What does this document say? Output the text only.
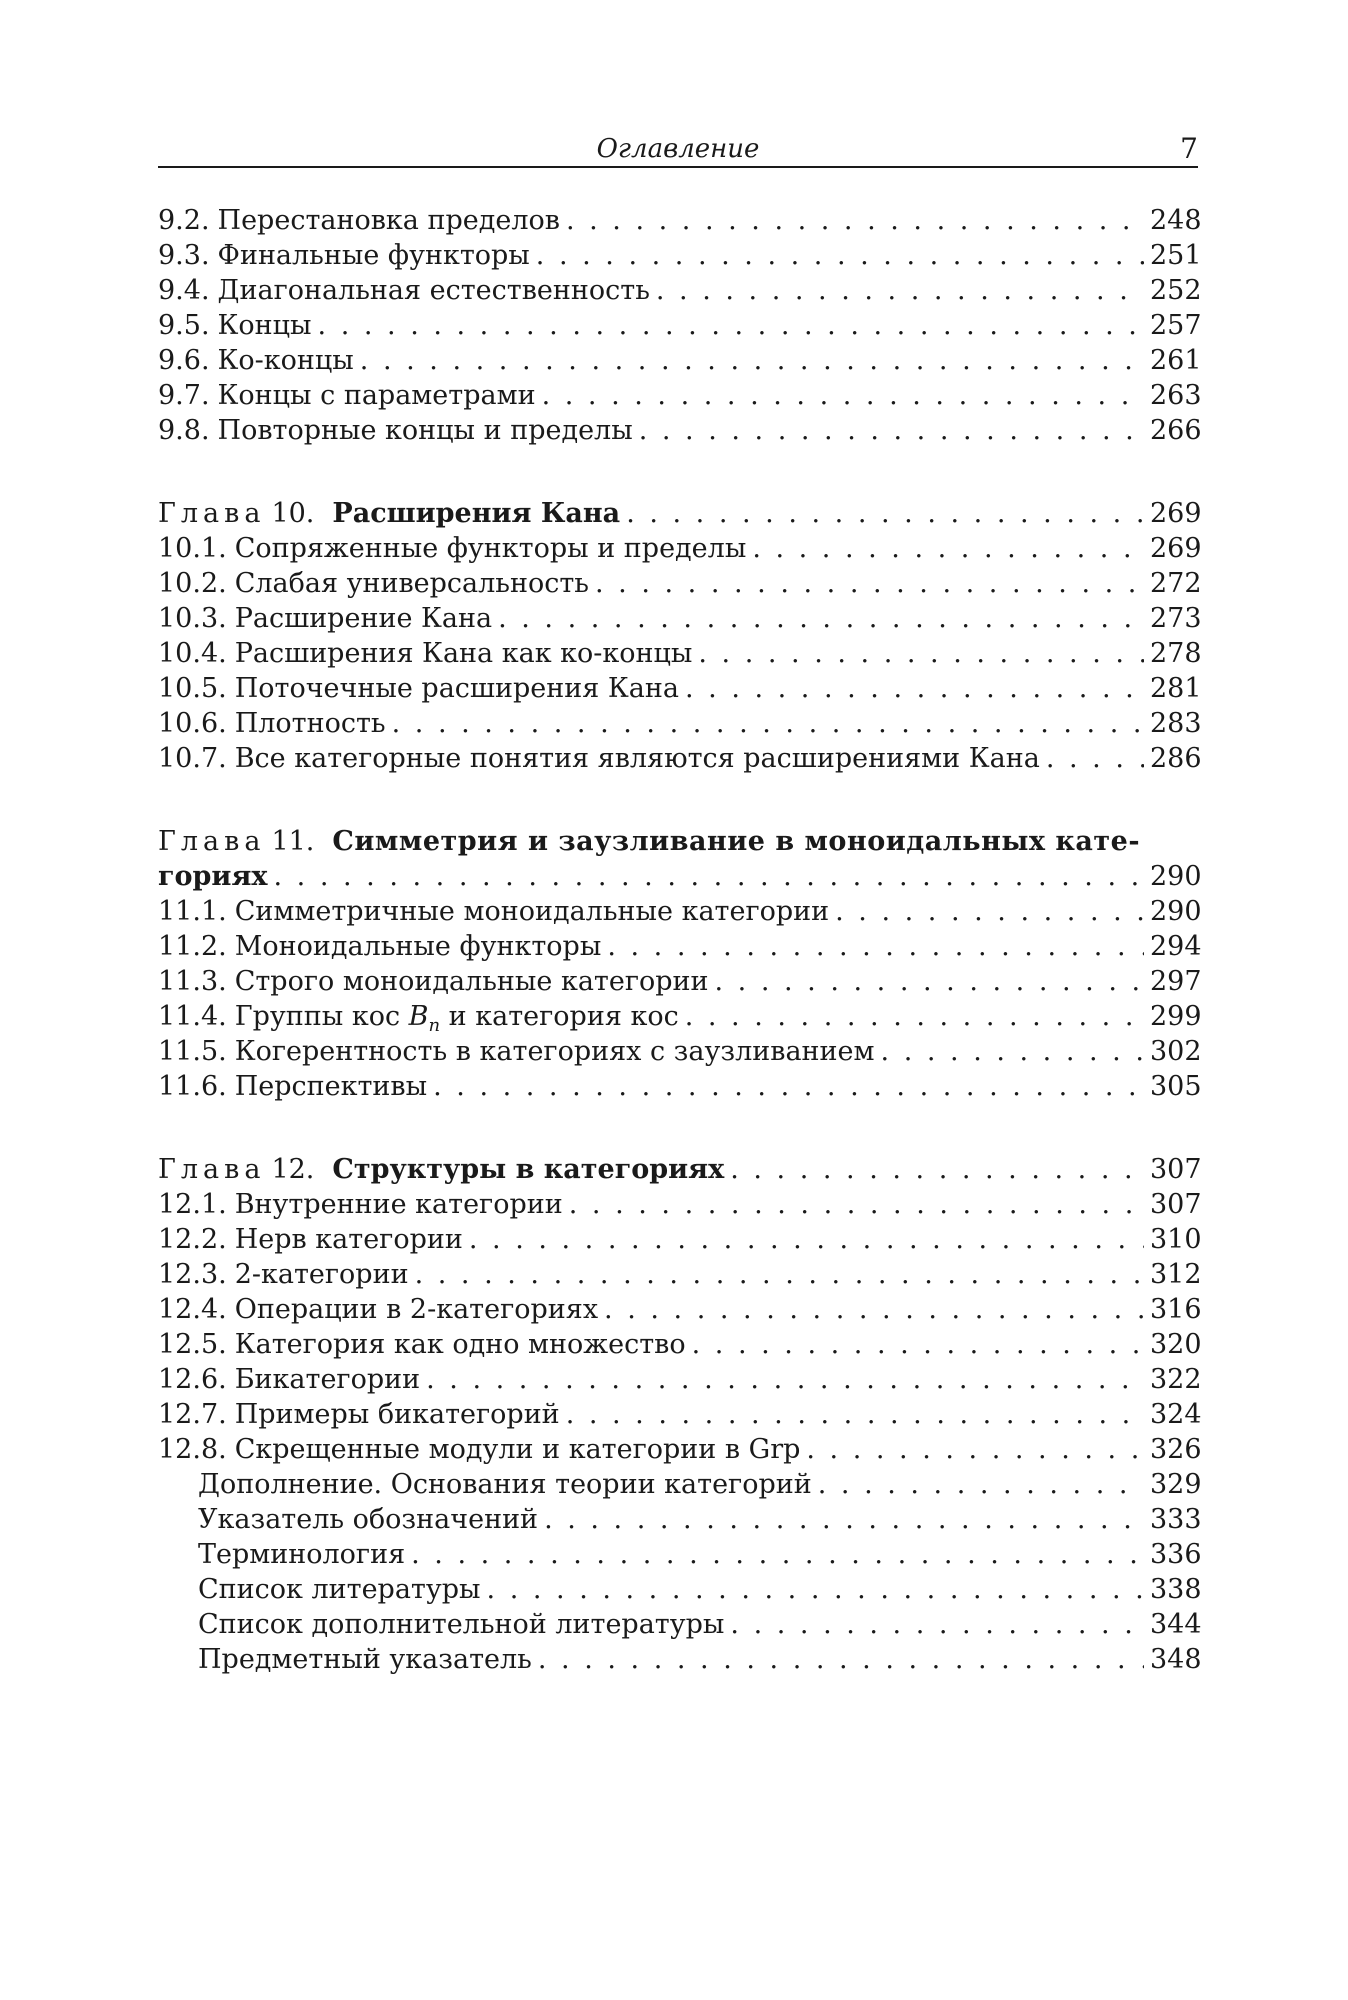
Оглавление	7
9.2. Перестановка пределов . . .	248
9.3. Финальные функторы . . .	251
9.4. Диагональная естественность . . .	252
9.5. Концы . . .	257
9.6. Ко-концы . . .	261
9.7. Концы с параметрами . . .	263
9.8. Повторные концы и пределы . . .	266
Глава 10. Расширения Кана . . .	269
10.1. Сопряженные функторы и пределы . . .	269
10.2. Слабая универсальность . . .	272
10.3. Расширение Кана . . .	273
10.4. Расширения Кана как ко-концы . . .	278
10.5. Поточечные расширения Кана . . .	281
10.6. Плотность . . .	283
10.7. Все категорные понятия являются расширениями Кана . . .	286
Глава 11. Симметрия и заузливание в моноидальных кате-
гориях . . .	290
11.1. Симметричные моноидальные категории . . .	290
11.2. Моноидальные функторы . . .	294
11.3. Строго моноидальные категории . . .	297
11.4. Группы кос $B_n$ и категория кос . . .	299
11.5. Когерентность в категориях с заузливанием . . .	302
11.6. Перспективы . . .	305
Глава 12. Структуры в категориях . . .	307
12.1. Внутренние категории . . .	307
12.2. Нерв категории . . .	310
12.3. 2-категории . . .	312
12.4. Операции в 2-категориях . . .	316
12.5. Категория как одно множество . . .	320
12.6. Бикатегории . . .	322
12.7. Примеры бикатегорий . . .	324
12.8. Скрещенные модули и категории в Grp . . .	326
Дополнение. Основания теории категорий . . .	329
Указатель обозначений . . .	333
Терминология . . .	336
Список литературы . . .	338
Список дополнительной литературы . . .	344
Предметный указатель . . .	348
